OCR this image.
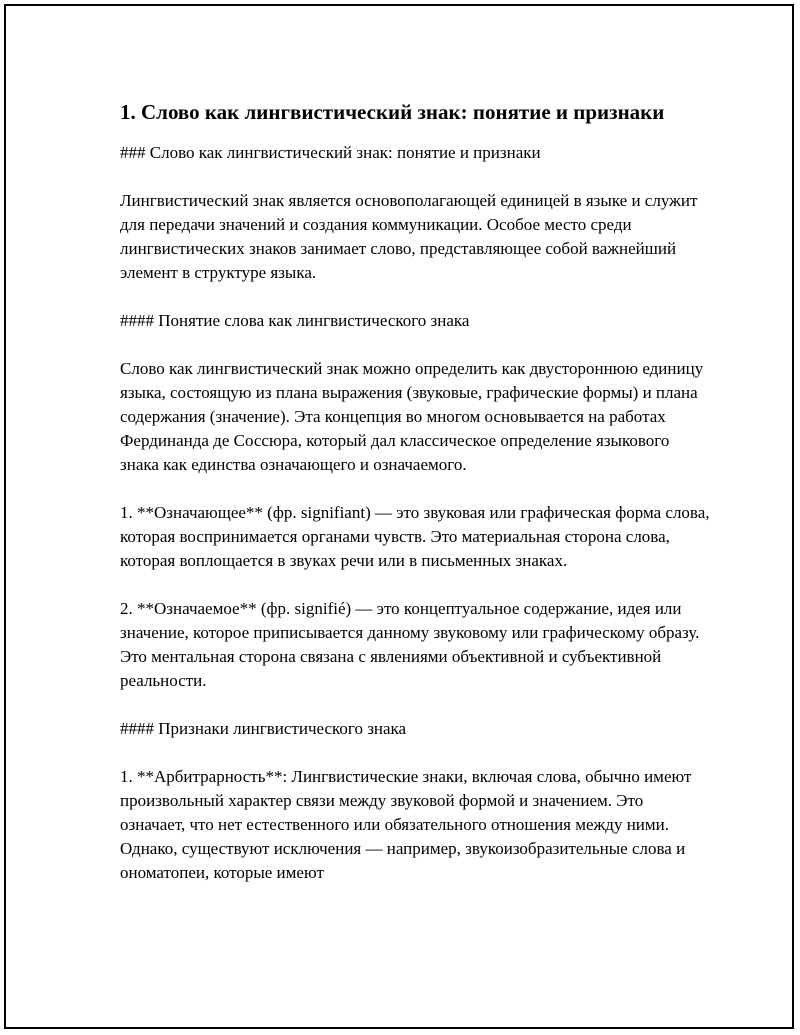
1. Слово как лингвистический знак: понятие и признаки

### Слово как лингвистический знак: понятие и признаки

Лингвистический знак является основополагающей единицей в языке и служит для передачи значений и создания коммуникации. Особое место среди лингвистических знаков занимает слово, представляющее собой важнейший элемент в структуре языка.

#### Понятие слова как лингвистического знака

Слово как лингвистический знак можно определить как двустороннюю единицу языка, состоящую из плана выражения (звуковые, графические формы) и плана содержания (значение). Эта концепция во многом основывается на работах Фердинанда де Соссюра, который дал классическое определение языкового знака как единства означающего и означаемого.

1. **Означающее** (фр. signifiant) — это звуковая или графическая форма слова, которая воспринимается органами чувств. Это материальная сторона слова, которая воплощается в звуках речи или в письменных знаках.

2. **Означаемое** (фр. signifié) — это концептуальное содержание, идея или значение, которое приписывается данному звуковому или графическому образу. Это ментальная сторона связана с явлениями объективной и субъективной реальности.

#### Признаки лингвистического знака

1. **Арбитрарность**: Лингвистические знаки, включая слова, обычно имеют произвольный характер связи между звуковой формой и значением. Это означает, что нет естественного или обязательного отношения между ними. Однако, существуют исключения — например, звукоизобразительные слова и ономатопеи, которые имеют
